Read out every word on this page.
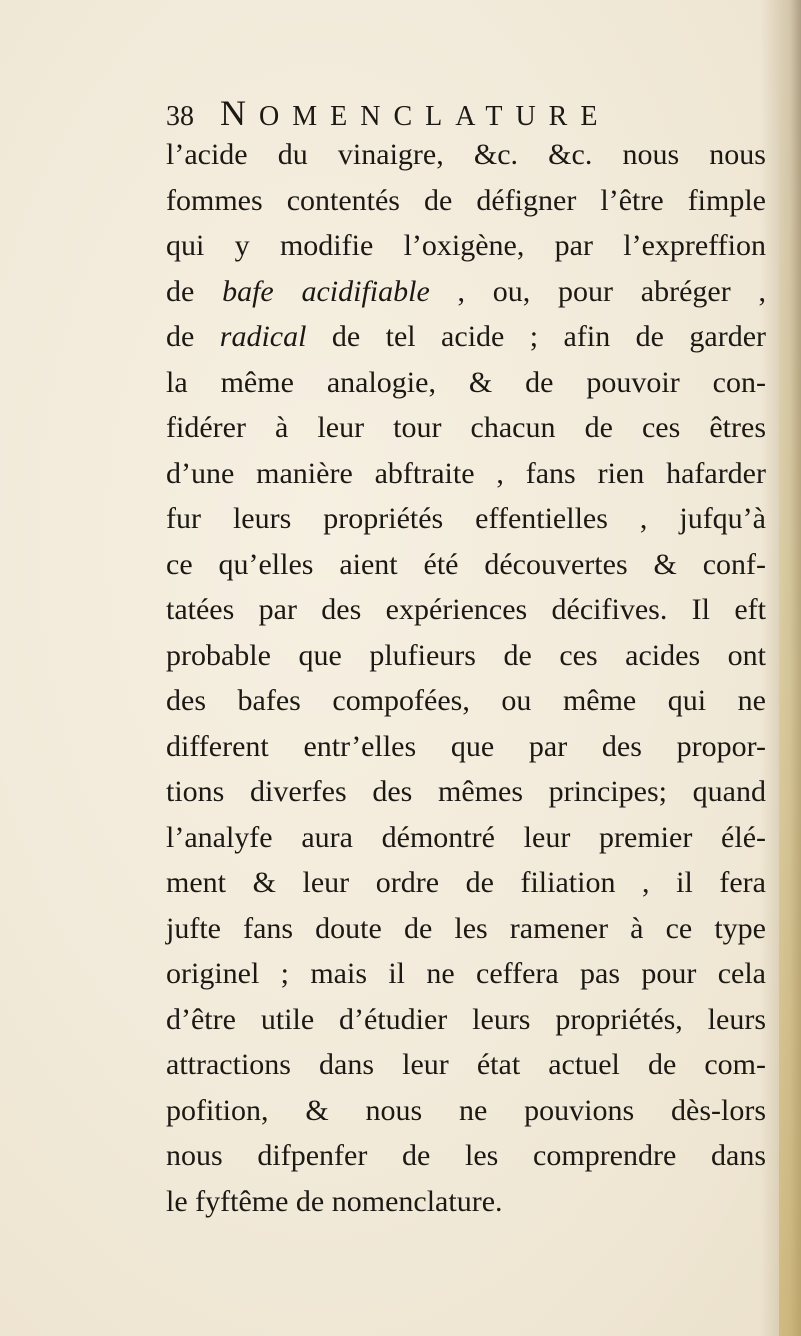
38 NOMENCLATURE
l’acide du vinaigre, &c. &c. nous nous
fommes contentés de défigner l’être fimple
qui y modifie l’oxigène, par l’expreffion
de bafe acidifiable , ou, pour abréger ,
de radical de tel acide ; afin de garder
la même analogie, & de pouvoir con-
fidérer à leur tour chacun de ces êtres
d’une manière abftraite , fans rien hafarder
fur leurs propriétés effentielles , jufqu’à
ce qu’elles aient été découvertes & conf-
tatées par des expériences décifives. Il eft
probable que plufieurs de ces acides ont
des bafes compofées, ou même qui ne
different entr’elles que par des propor-
tions diverfes des mêmes principes; quand
l’analyfe aura démontré leur premier élé-
ment & leur ordre de filiation , il fera
jufte fans doute de les ramener à ce type
originel ; mais il ne ceffera pas pour cela
d’être utile d’étudier leurs propriétés, leurs
attractions dans leur état actuel de com-
pofition, & nous ne pouvions dès-lors
nous difpenfer de les comprendre dans
le fyftême de nomenclature.
